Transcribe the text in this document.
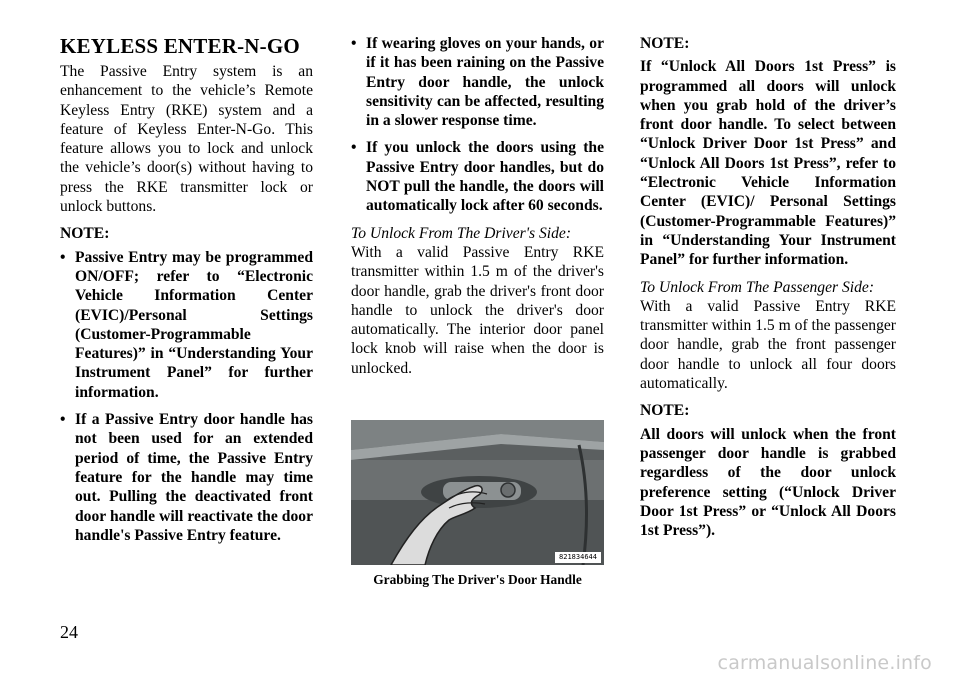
KEYLESS ENTER-N-GO

The Passive Entry system is an enhancement to the vehicle’s Remote Keyless Entry (RKE) system and a feature of Keyless Enter-N-Go. This feature allows you to lock and unlock the vehicle’s door(s) without having to press the RKE transmitter lock or unlock buttons.

NOTE:

• Passive Entry may be programmed ON/OFF; refer to “Electronic Vehicle Information Center (EVIC)/Personal Settings (Customer-Programmable Features)” in “Understanding Your Instrument Panel” for further information.
• If a Passive Entry door handle has not been used for an extended period of time, the Passive Entry feature for the handle may time out. Pulling the deactivated front door handle will reactivate the door handle's Passive Entry feature.
• If wearing gloves on your hands, or if it has been raining on the Passive Entry door handle, the unlock sensitivity can be affected, resulting in a slower response time.
• If you unlock the doors using the Passive Entry door handles, but do NOT pull the handle, the doors will automatically lock after 60 seconds.

To Unlock From The Driver's Side:

With a valid Passive Entry RKE transmitter within 1.5 m of the driver's door handle, grab the driver's front door handle to unlock the driver's door automatically. The interior door panel lock knob will raise when the door is unlocked.

821834644
Grabbing The Driver's Door Handle

NOTE:

If “Unlock All Doors 1st Press” is programmed all doors will unlock when you grab hold of the driver’s front door handle. To select between “Unlock Driver Door 1st Press” and “Unlock All Doors 1st Press”, refer to “Electronic Vehicle Information Center (EVIC)/ Personal Settings (Customer-Programmable Features)” in “Understanding Your Instrument Panel” for further information.

To Unlock From The Passenger Side:

With a valid Passive Entry RKE transmitter within 1.5 m of the passenger door handle, grab the front passenger door handle to unlock all four doors automatically.

NOTE:

All doors will unlock when the front passenger door handle is grabbed regardless of the door unlock preference setting (“Unlock Driver Door 1st Press” or “Unlock All Doors 1st Press”).

24
carmanualsonline.info
